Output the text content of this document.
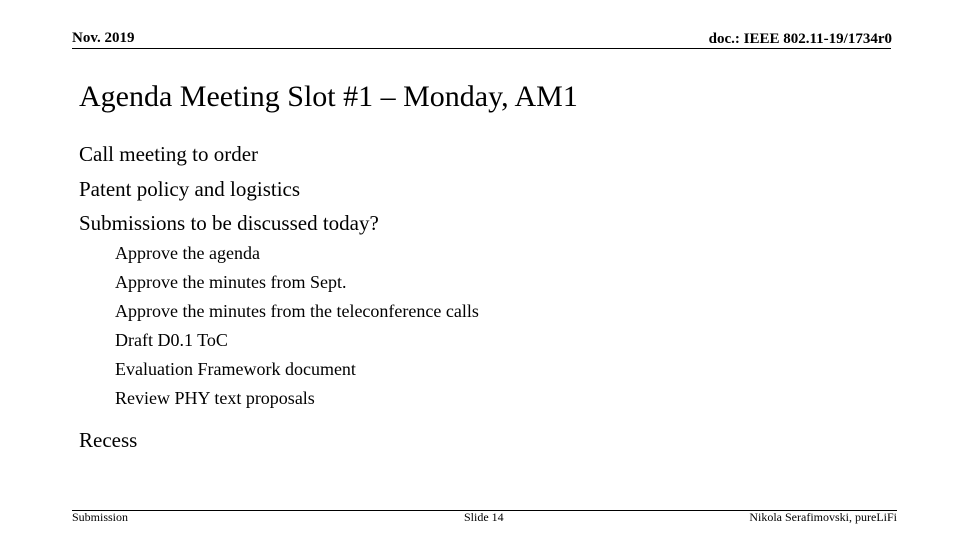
Nov. 2019	doc.: IEEE 802.11-19/1734r0
Agenda Meeting Slot #1 – Monday, AM1
Call meeting to order
Patent policy and logistics
Submissions to be discussed today?
Approve the agenda
Approve the minutes from Sept.
Approve the minutes from the teleconference calls
Draft D0.1 ToC
Evaluation Framework document
Review PHY text proposals
Recess
Submission	Slide 14	Nikola Serafimovski, pureLiFi
